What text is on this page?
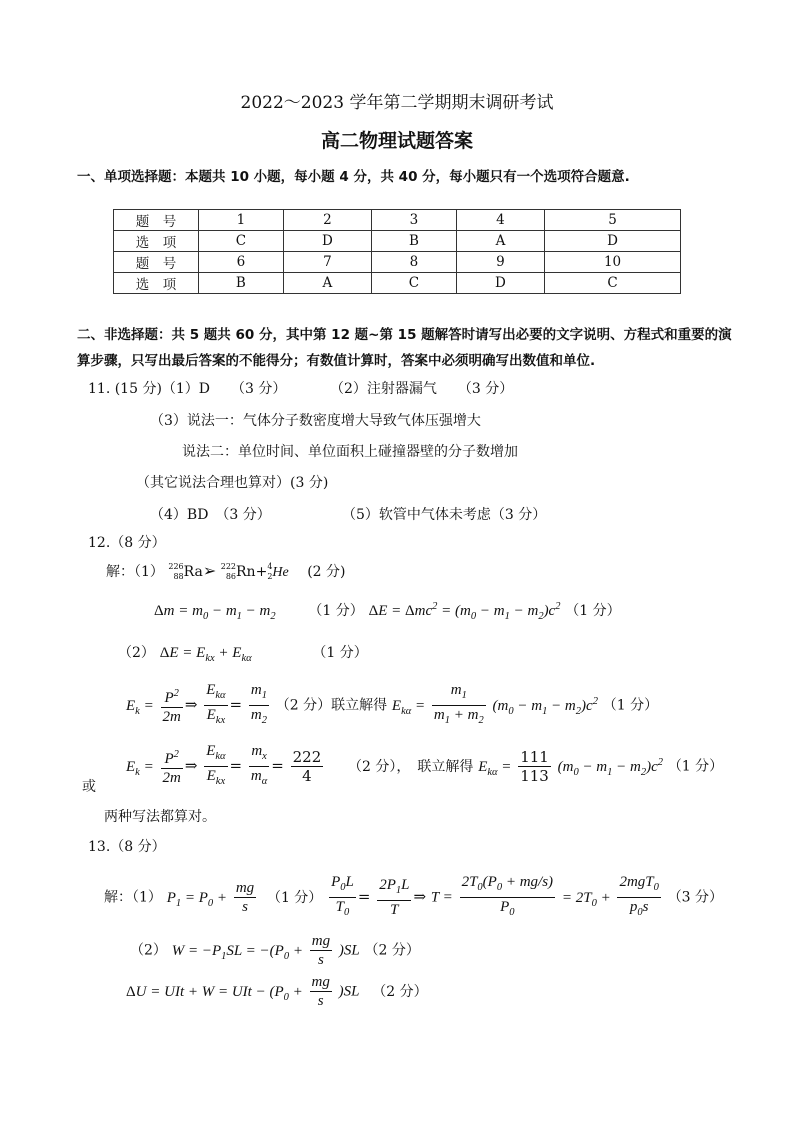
2022～2023 学年第二学期期末调研考试
高二物理试题答案
一、单项选择题：本题共 10 小题，每小题 4 分，共 40 分，每小题只有一个选项符合题意.
题　号	1	2	3	4	5
选　项	C	D	B	A	D
题　号	6	7	8	9	10
选　项	B	A	C	D	C
二、非选择题：共 5 题共 60 分，其中第 12 题~第 15 题解答时请写出必要的文字说明、方程式和重要的演
算步骤，只写出最后答案的不能得分；有数值计算时，答案中必须明确写出数值和单位.
11. (15 分)（1）D　　（3 分）	（2）注射器漏气　　（3 分）
（3）说法一：气体分子数密度增大导致气体压强增大
说法二：单位时间、单位面积上碰撞器壁的分子数增加
（其它说法合理也算对）(3 分)
（4）BD　（3 分）	（5）软管中气体未考虑（3 分）
12.（8 分）
解：（1） 226
88Ra➢ 222
86Rn+4
2He (2 分)
$\Delta m = m_0 - m_1 - m_2$ （1 分） $\Delta E = \Delta mc^2 = (m_0 - m_1 - m_2)c^2$ （1 分）
（2） $\Delta E = E_{kx} + E_{k\alpha}$	（1 分）
$E_k = \frac{P^2}{2m}$ ⇒ $\frac{E_{k\alpha}}{E_{kx}} = \frac{m_1}{m_2} (2$ 分）联立解得 $E_{k\alpha} = \frac{m_1}{m_1 + m_2} (m_0 - m_1 - m_2)c^2$ （1 分）
$E_k = \frac{P^2}{2m}$ ⇒ $\frac{E_{k\alpha}}{E_{kx}} = \frac{m_x}{m_\alpha} = \frac{222}{4} (2$ 分），　联立解得 $E_{k\alpha} = \frac{111}{113} (m_0 - m_1 - m_2)c^2$ （1 分）
或
两种写法都算对。
13.（8 分）
解：（1） $P_1 = P_0 + \frac{mg}{s} (1$ 分） $\frac{P_0L}{T_0} = \frac{2P_1L}{T}$ ⇒ $T = \frac{2T_0(P_0 + mg/s)}{P_0} = 2T_0 + \frac{2mgT_0}{p_0s} (3$ 分）
（2） $W = -P_1SL = -(P_0 + \frac{mg}{s} )SL$ （2 分）
ΔU = UIt + W = UIt − $(P_0 + \frac{mg}{s} )SL$ （2 分）
